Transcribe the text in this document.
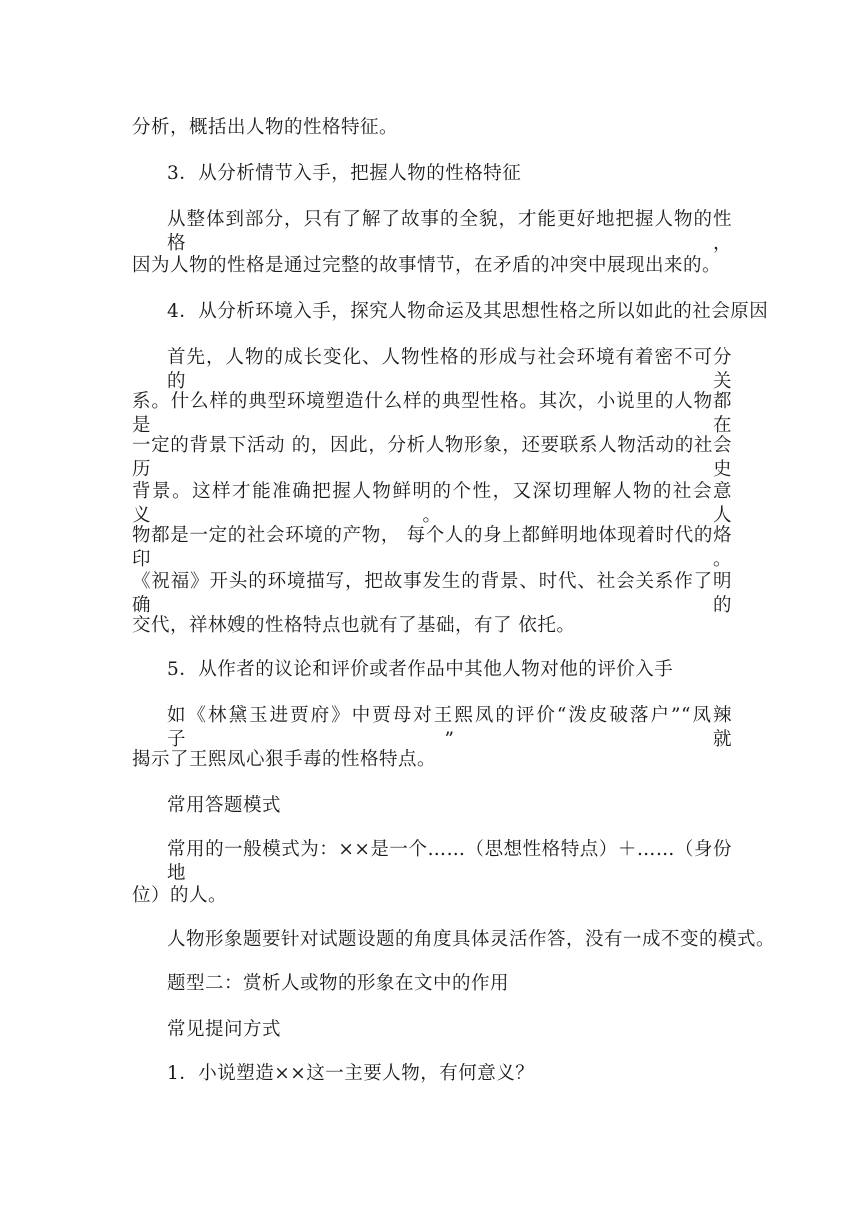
分析，概括出人物的性格特征。
3．从分析情节入手，把握人物的性格特征
从整体到部分，只有了解了故事的全貌，才能更好地把握人物的性格，
因为人物的性格是通过完整的故事情节，在矛盾的冲突中展现出来的。
4．从分析环境入手，探究人物命运及其思想性格之所以如此的社会原因
首先，人物的成长变化、人物性格的形成与社会环境有着密不可分的关
系。什么样的典型环境塑造什么样的典型性格。其次，小说里的人物都是在
一定的背景下活动 的，因此，分析人物形象，还要联系人物活动的社会历史
背景。这样才能准确把握人物鲜明的个性，又深切理解人物的社会意义。人
物都是一定的社会环境的产物， 每个人的身上都鲜明地体现着时代的烙印。
《祝福》开头的环境描写，把故事发生的背景、时代、社会关系作了明确的
交代，祥林嫂的性格特点也就有了基础，有了 依托。
5．从作者的议论和评价或者作品中其他人物对他的评价入手
如《林黛玉进贾府》中贾母对王熙凤的评价“泼皮破落户”“凤辣子”就
揭示了王熙凤心狠手毒的性格特点。
常用答题模式
常用的一般模式为：××是一个……（思想性格特点）＋……（身份地
位）的人。
人物形象题要针对试题设题的角度具体灵活作答，没有一成不变的模式。
题型二：赏析人或物的形象在文中的作用
常见提问方式
1．小说塑造××这一主要人物，有何意义？
